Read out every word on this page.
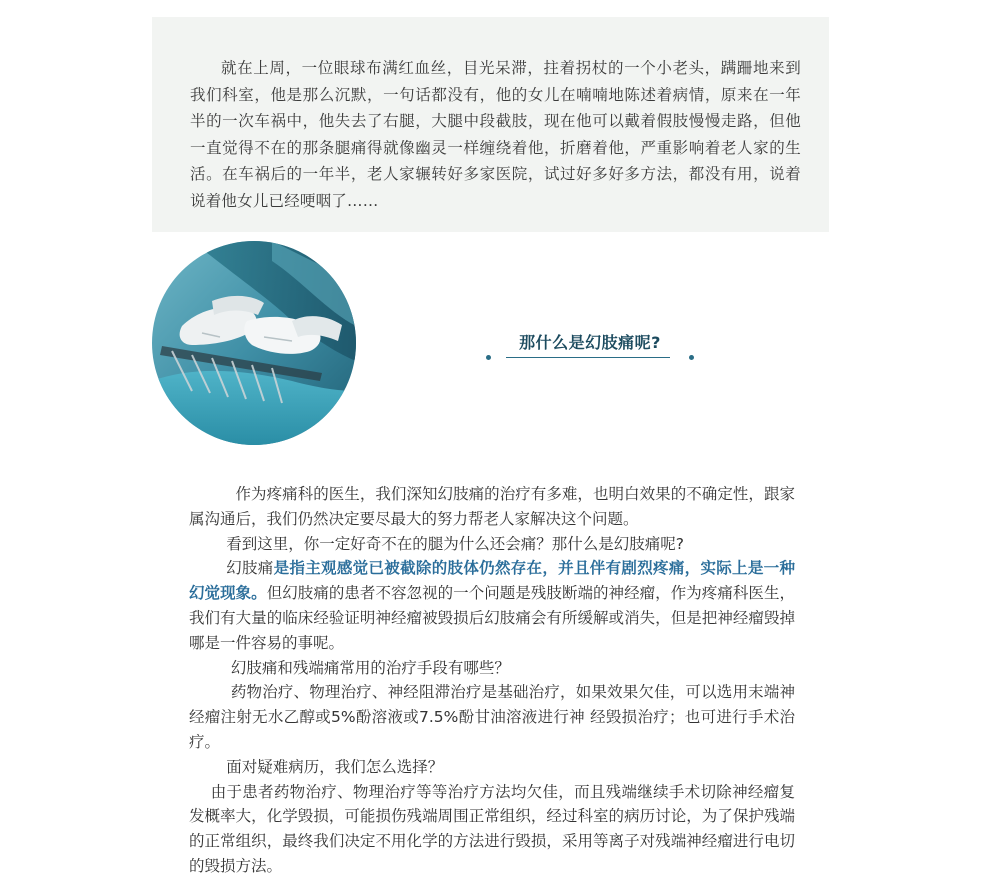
就在上周，一位眼球布满红血丝，目光呆滞，拄着拐杖的一个小老头，蹒跚地来到我们科室，他是那么沉默，一句话都没有，他的女儿在喃喃地陈述着病情，原来在一年半的一次车祸中，他失去了右腿，大腿中段截肢，现在他可以戴着假肢慢慢走路，但他一直觉得不在的那条腿痛得就像幽灵一样缠绕着他，折磨着他，严重影响着老人家的生活。在车祸后的一年半，老人家辗转好多家医院，试过好多好多方法，都没有用，说着说着他女儿已经哽咽了……

那什么是幻肢痛呢?

作为疼痛科的医生，我们深知幻肢痛的治疗有多难，也明白效果的不确定性，跟家属沟通后，我们仍然决定要尽最大的努力帮老人家解决这个问题。

看到这里，你一定好奇不在的腿为什么还会痛？那什么是幻肢痛呢?

幻肢痛是指主观感觉已被截除的肢体仍然存在，并且伴有剧烈疼痛，实际上是一种幻觉现象。但幻肢痛的患者不容忽视的一个问题是残肢断端的神经瘤，作为疼痛科医生，我们有大量的临床经验证明神经瘤被毁损后幻肢痛会有所缓解或消失，但是把神经瘤毁掉哪是一件容易的事呢。

幻肢痛和残端痛常用的治疗手段有哪些？

药物治疗、物理治疗、神经阻滞治疗是基础治疗，如果效果欠佳，可以选用末端神经瘤注射无水乙醇或5%酚溶液或7.5%酚甘油溶液进行神 经毁损治疗；也可进行手术治疗。

面对疑难病历，我们怎么选择？

由于患者药物治疗、物理治疗等等治疗方法均欠佳，而且残端继续手术切除神经瘤复发概率大，化学毁损，可能损伤残端周围正常组织，经过科室的病历讨论，为了保护残端的正常组织，最终我们决定不用化学的方法进行毁损，采用等离子对残端神经瘤进行电切的毁损方法。
